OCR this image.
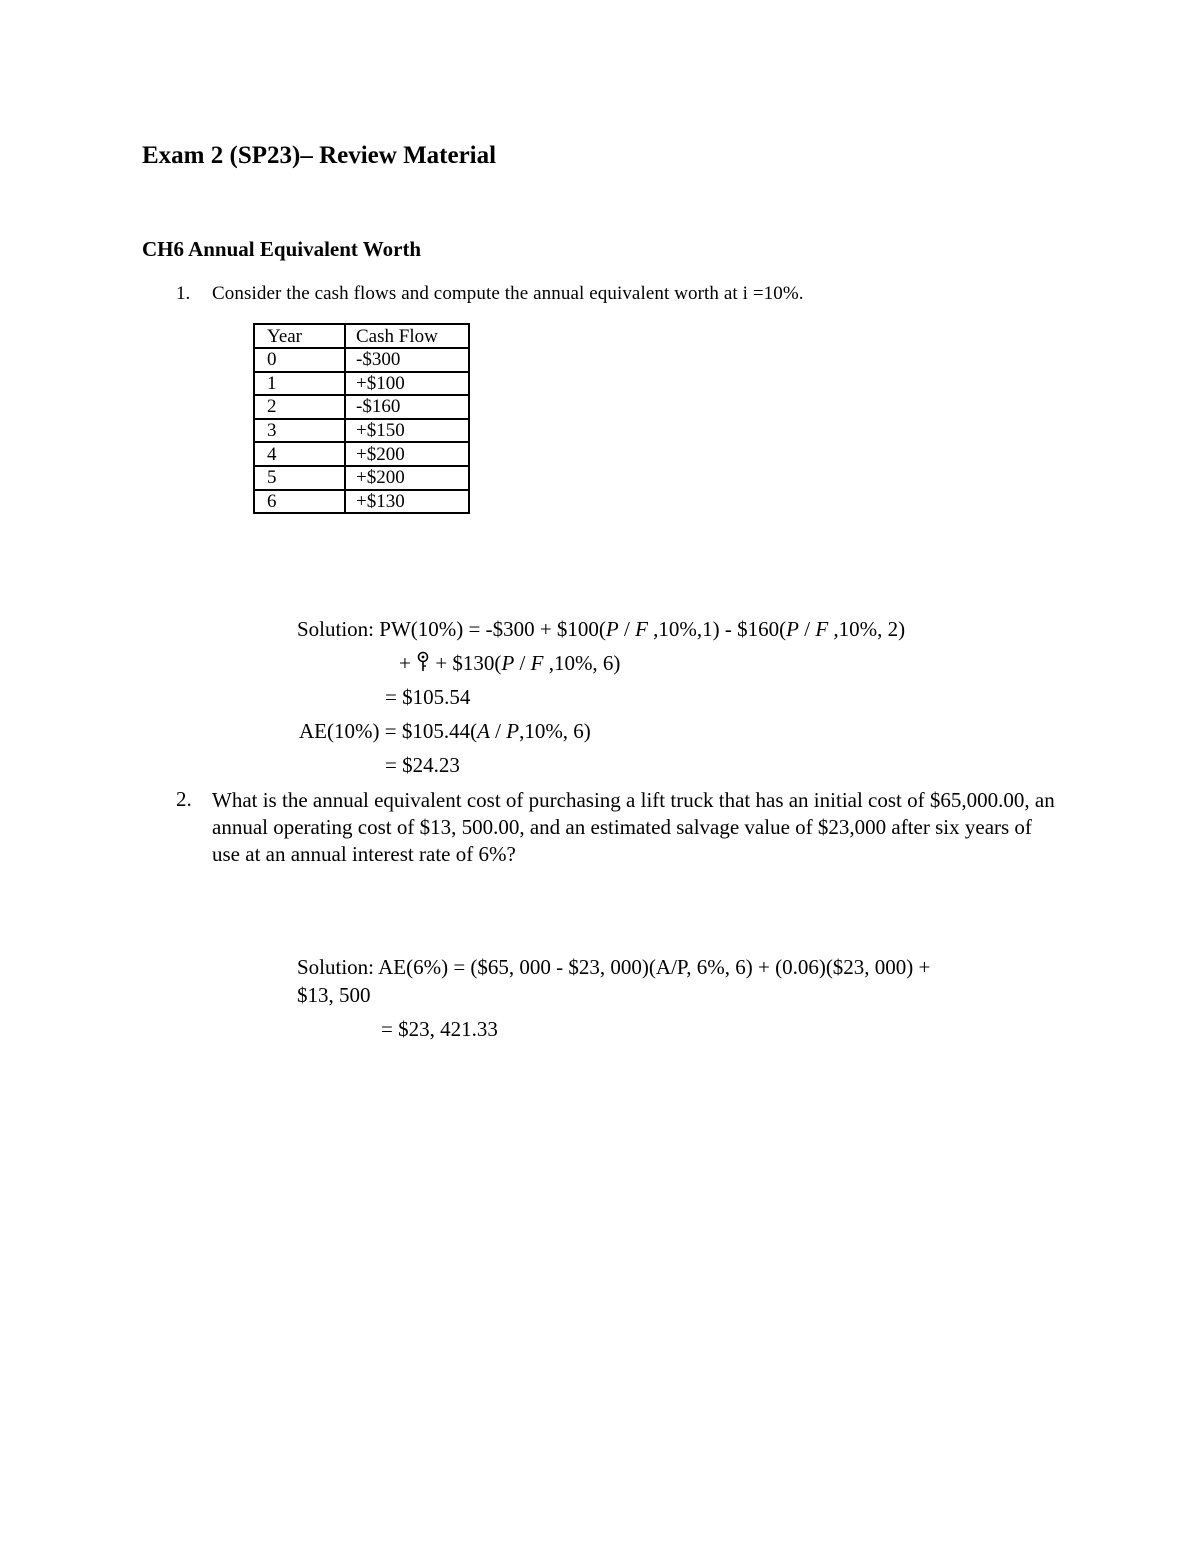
Exam 2 (SP23)– Review Material
CH6 Annual Equivalent Worth
1. Consider the cash flows and compute the annual equivalent worth at i =10%.
Year	Cash Flow
0	-$300
1	+$100
2	-$160
3	+$150
4	+$200
5	+$200
6	+$130
Solution: PW(10%) = -$300 + $100(P / F ,10%,1) - $160(P / F ,10%, 2)
+  + $130(P / F ,10%, 6)
= $105.54
AE(10%) = $105.44(A / P,10%, 6)
= $24.23
2. What is the annual equivalent cost of purchasing a lift truck that has an initial cost of $65,000.00, an annual operating cost of $13, 500.00, and an estimated salvage value of $23,000 after six years of use at an annual interest rate of 6%?
Solution: AE(6%) = ($65, 000 - $23, 000)(A/P, 6%, 6) + (0.06)($23, 000) +
$13, 500
= $23, 421.33
